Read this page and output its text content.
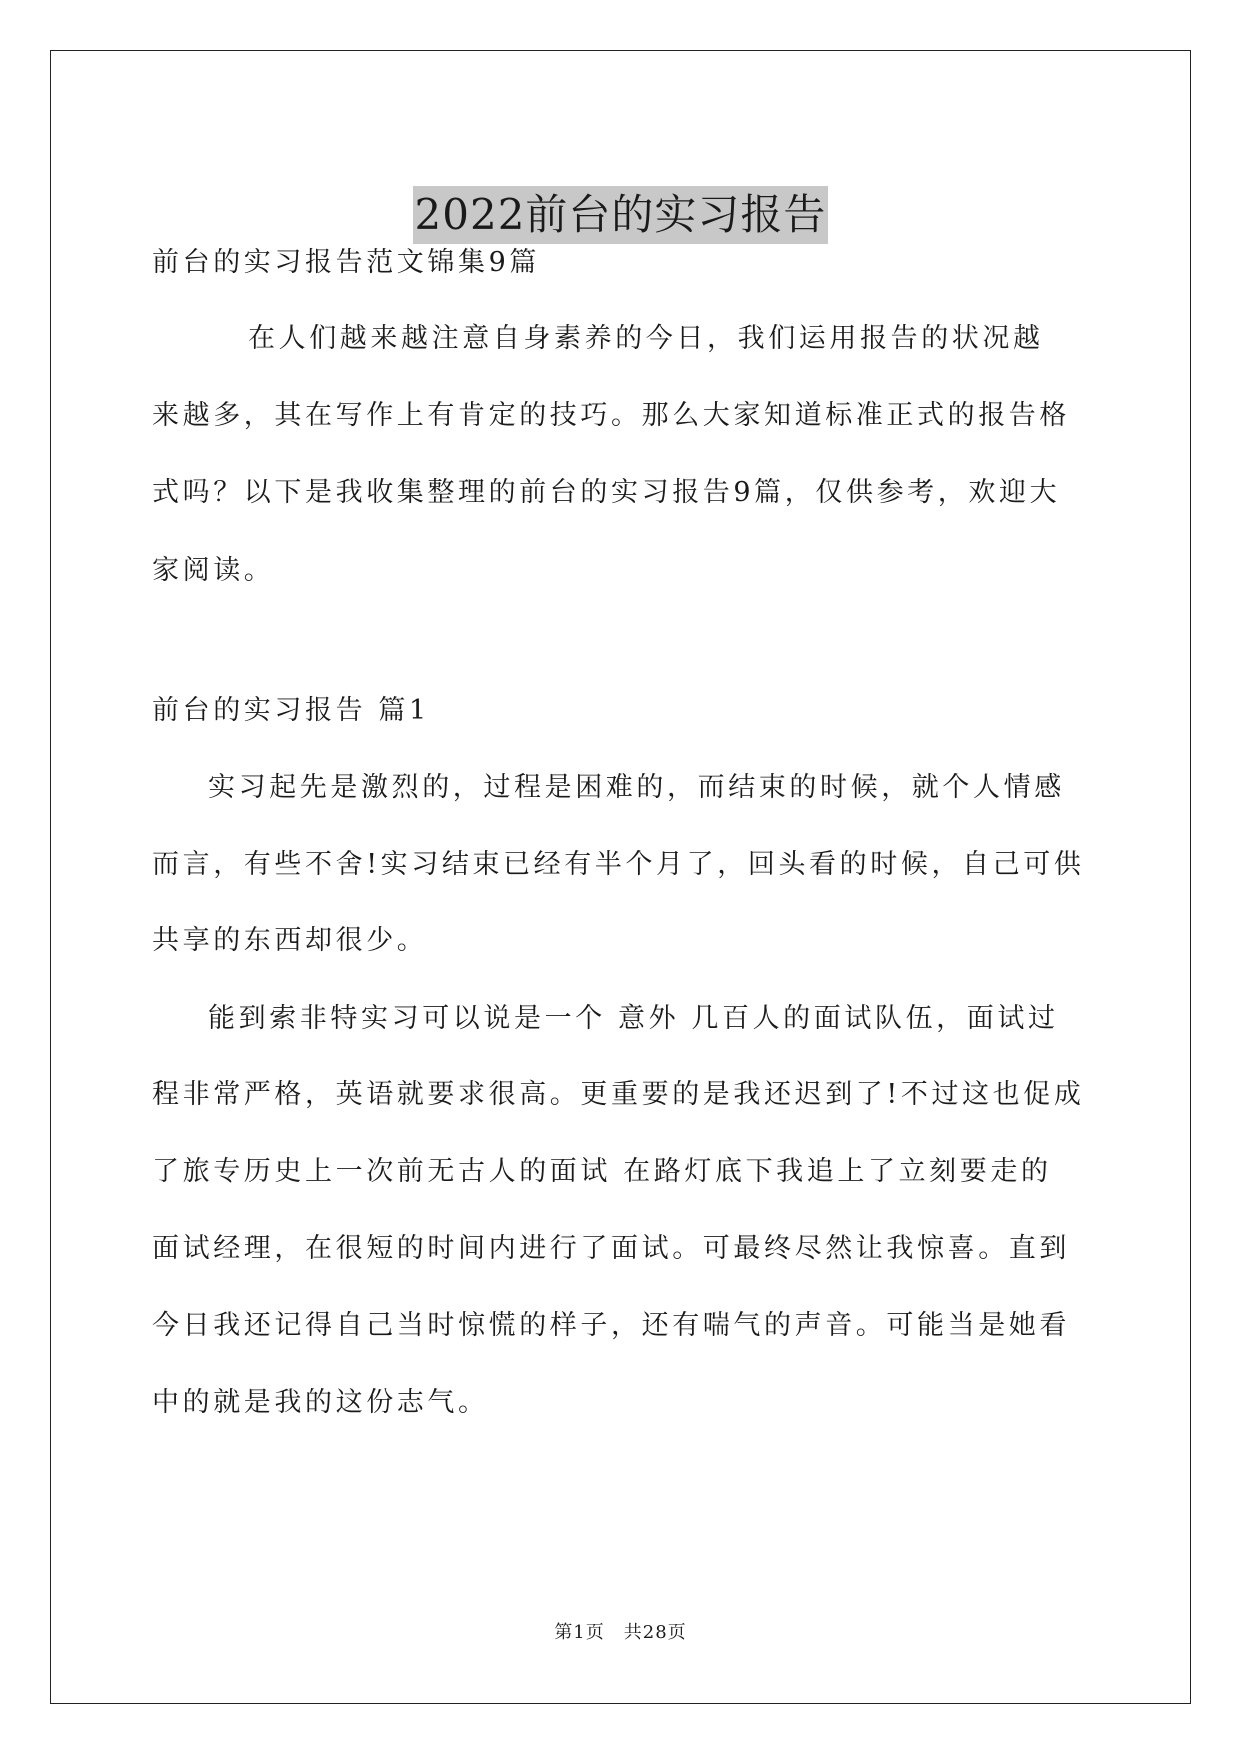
2022前台的实习报告
前台的实习报告范文锦集9篇
在人们越来越注意自身素养的今日，我们运用报告的状况越
来越多，其在写作上有肯定的技巧。那么大家知道标准正式的报告格
式吗？以下是我收集整理的前台的实习报告9篇，仅供参考，欢迎大
家阅读。
前台的实习报告 篇1
实习起先是激烈的，过程是困难的，而结束的时候，就个人情感
而言，有些不舍!实习结束已经有半个月了，回头看的时候，自己可供
共享的东西却很少。
能到索非特实习可以说是一个 意外 几百人的面试队伍，面试过
程非常严格，英语就要求很高。更重要的是我还迟到了!不过这也促成
了旅专历史上一次前无古人的面试 在路灯底下我追上了立刻要走的
面试经理，在很短的时间内进行了面试。可最终尽然让我惊喜。直到
今日我还记得自己当时惊慌的样子，还有喘气的声音。可能当是她看
中的就是我的这份志气。
第1页　共28页
